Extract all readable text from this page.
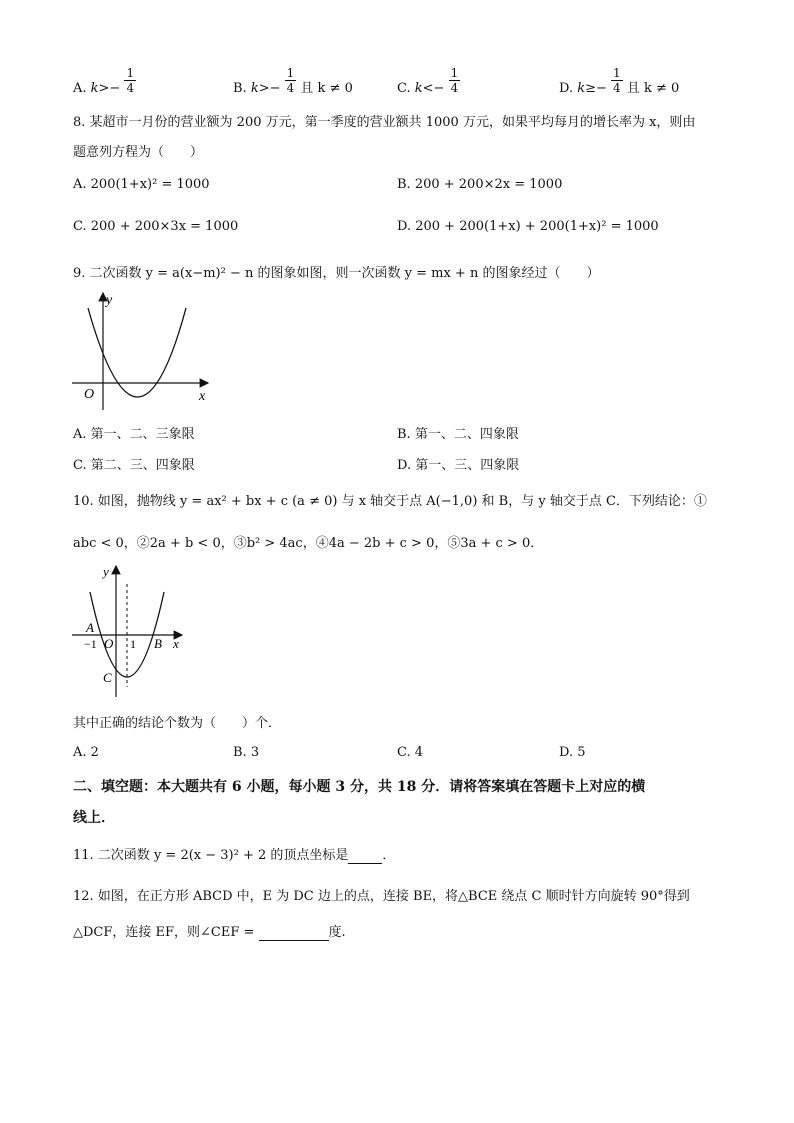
A. $k>- \frac{1}{4}$	B. $k>- \frac{1}{4}$ 且 k ≠ 0	C. $k<- \frac{1}{4}$	D. $k\ge- \frac{1}{4}$ 且 k ≠ 0
8. 某超市一月份的营业额为 200 万元，第一季度的营业额共 1000 万元，如果平均每月的增长率为 x，则由
题意列方程为（　　）
A. 200(1+x)² = 1000	B. 200 + 200×2x = 1000
C. 200 + 200×3x = 1000	D. 200 + 200(1+x) + 200(1+x)² = 1000
9. 二次函数 y = a(x−m)² − n 的图象如图，则一次函数 y = mx + n 的图象经过（　　）
y
x
O
A. 第一、二、三象限	B. 第一、二、四象限
C. 第二、三、四象限	D. 第一、三、四象限
10. 如图，抛物线 y = ax² + bx + c (a ≠ 0) 与 x 轴交于点 A(−1,0) 和 B，与 y 轴交于点 C．下列结论：①
abc < 0，②2a + b < 0，③b² > 4ac，④4a − 2b + c > 0，⑤3a + c > 0．
y
x
A
−1 O 1 B
C
其中正确的结论个数为（　　）个．
A. 2	B. 3	C. 4	D. 5
二、填空题：本大题共有 6 小题，每小题 3 分，共 18 分．请将答案填在答题卡上对应的横
线上．
11. 二次函数 y = 2(x − 3)² + 2 的顶点坐标是	．
12. 如图，在正方形 ABCD 中，E 为 DC 边上的点，连接 BE，将△BCE 绕点 C 顺时针方向旋转 90°得到
△DCF，连接 EF，则∠CEF =	度.
